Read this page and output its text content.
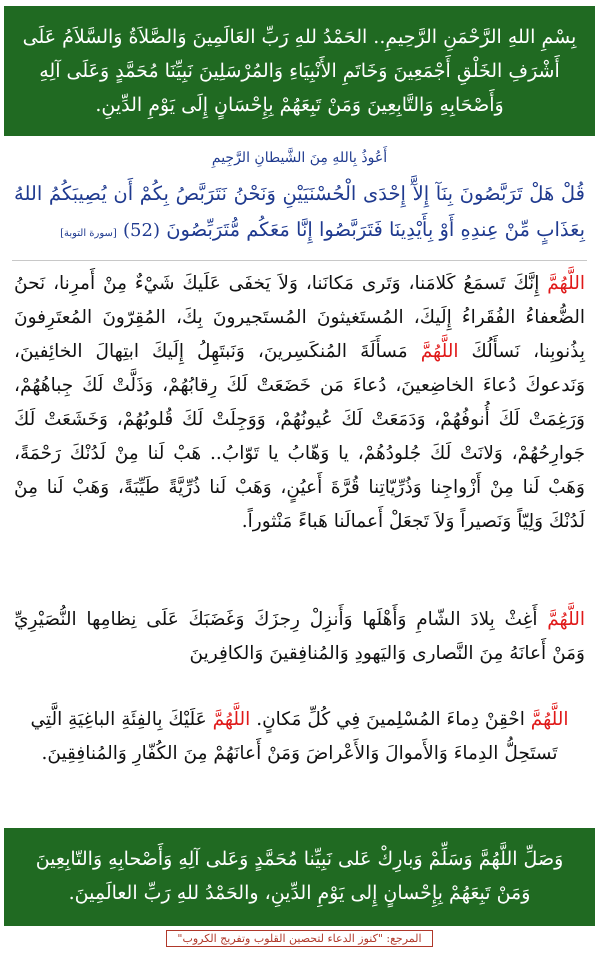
بِسْمِ اللهِ الرَّحْمَنِ الرَّحِيمِ.. الحَمْدُ للهِ رَبِّ العَالَمِينَ وَالصَّلاَةُ وَالسَّلاَمُ عَلَى أَشْرَفِ الخَلْقِ أَجْمَعِينَ وَخَاتَمِ الأَنْبِيَاءِ وَالمُرْسَلِينَ نَبِيِّنَا مُحَمَّدٍ وَعَلَى آلِهِ وَأَصْحَابِهِ وَالتَّابِعِينَ وَمَنْ تَبِعَهُمْ بِإِحْسَانٍ إِلَى يَوْمِ الدِّينِ.
أَعُوذُ بِاللهِ مِنَ الشَّيطانِ الرَّجِيمِ
قُلْ هَلْ تَرَبَّصُونَ بِنَآ إِلآَّ إِحْدَى الْحُسْنَيَيْنِ وَنَحْنُ نَتَرَبَّصُ بِكُمْ أَن يُصِيبَكُمُ اللهُ بِعَذَابٍ مِّنْ عِندِهِ أَوْ بِأَيْدِينَا فَتَرَبَّصُوا إِنَّا مَعَكُم مُّتَرَبِّصُونَ (52) [سورة التوبة]
اللَّهُمَّ إِنَّكَ تَسمَعُ كَلامَنا، وَتَرى مَكانَنا، وَلاَ يَخفَى عَلَيكَ شَيْءٌ مِنْ أَمرِنا، نَحنُ الضُّعفاءُ الفُقَراءُ إِلَيكَ، المُستَغيثونَ المُستَجيرونَ بِكَ، المُقِرّونَ المُعتَرِفونَ بِذُنوبِنا، نَسأَلُكَ اللَّهُمَّ مَسأَلَةَ المُنكَسِرينَ، وَنَبتَهِلُ إِلَيكَ ابتِهالَ الخائِفينَ، وَنَدعوكَ دُعاءَ الخاضِعينَ، دُعاءَ مَن خَضَعَتْ لَكَ رِقابُهُمْ، وَذَلَّتْ لَكَ جِباهُهُمْ، وَرَغِمَتْ لَكَ أُنوفُهُمْ، وَدَمَعَتْ لَكَ عُيونُهُمْ، وَوَجِلَتْ لَكَ قُلوبُهُمْ، وَخَشَعَتْ لَكَ جَوارِحُهُمْ، وَلانَتْ لَكَ جُلودُهُمْ، يا وَهّابُ يا تَوّابُ.. هَبْ لَنا مِنْ لَدُنْكَ رَحْمَةً، وَهَبْ لَنا مِنْ أَزْواجِنا وَذُرِّيّاتِنا قُرَّةَ أَعيُنٍ، وَهَبْ لَنا ذُرِّيَّةً طَيِّبَةً، وَهَبْ لَنا مِنْ لَدُنْكَ وَلِيّاً وَنَصيراً وَلاَ تَجعَلْ أَعمالَنا هَباءً مَنْثوراً.
اللَّهُمَّ أَغِثْ بِلادَ الشّامِ وَأَهْلَها وَأَنزِلْ رِجزَكَ وَغَضَبَكَ عَلَى نِظامِها النُّصَيْرِيِّ وَمَنْ أَعانَهُ مِنَ النَّصارى وَاليَهودِ وَالمُنافِقينَ وَالكافِرينَ
اللَّهُمَّ احْقِنْ دِماءَ المُسْلِمينَ فِي كُلِّ مَكانٍ. اللَّهُمَّ عَلَيْكَ بِالفِئَةِ الباغِيَةِ الَّتِي تَستَحِلُّ الدِماءَ وَالأَموالَ وَالأَعْراضَ وَمَنْ أَعانَهُمْ مِنَ الكُفّارِ وَالمُنافِقِينَ.
وَصَلِّ اللَّهُمَّ وَسَلِّمْ وَبارِكْ عَلى نَبِيِّنا مُحَمَّدٍ وَعَلى آلِهِ وَأَصْحابِهِ وَالتّابِعِينَ وَمَنْ تَبِعَهُمْ بِإِحْسانٍ إِلى يَوْمِ الدِّينِ، والحَمْدُ للهِ رَبِّ العالَمِينَ.
المرجع: "كنوز الدعاء لتحصين القلوب وتفريج الكروب"
